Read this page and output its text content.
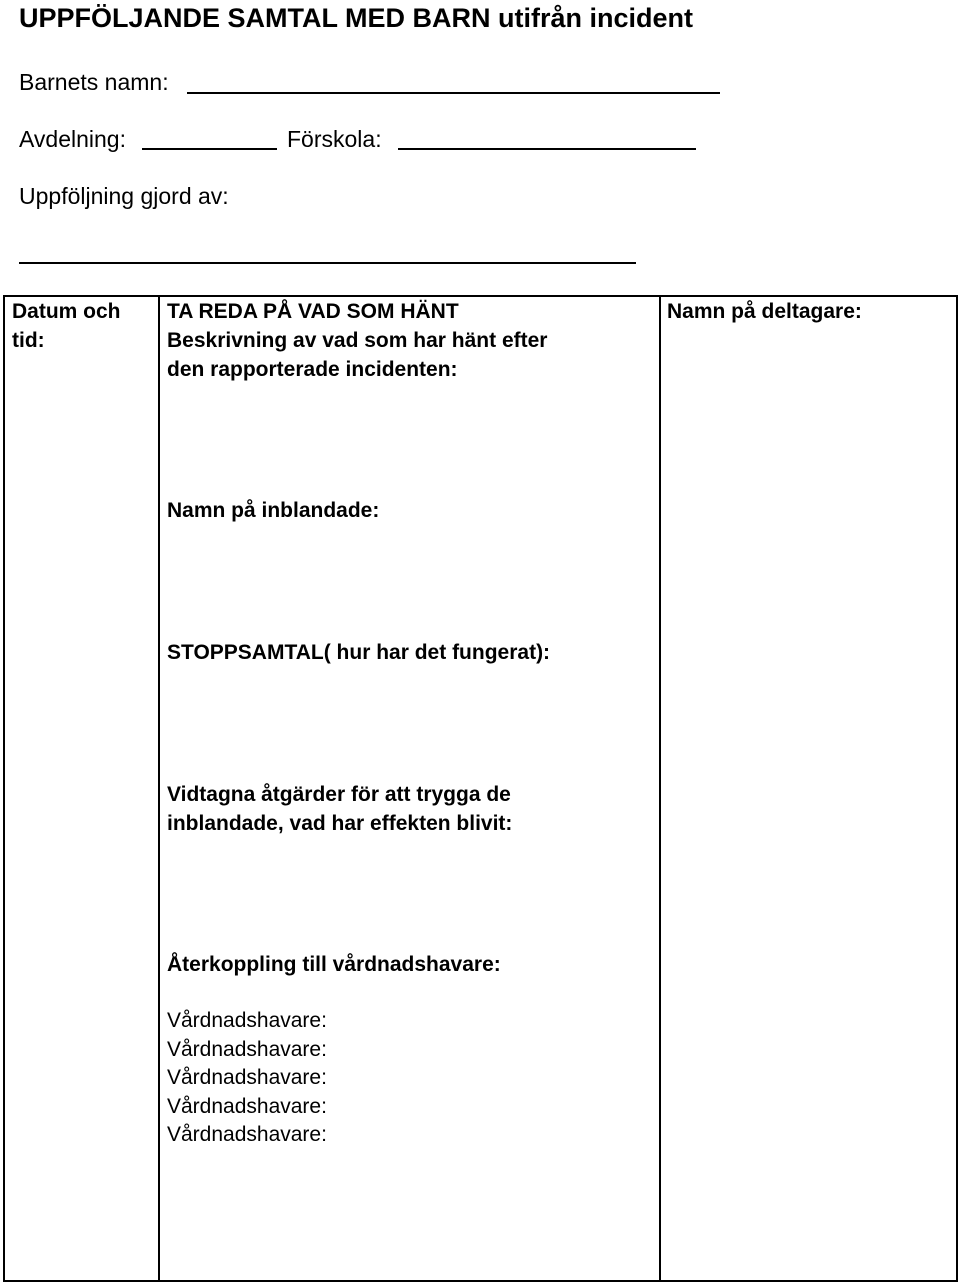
UPPFÖLJANDE SAMTAL MED BARN utifrån incident
Barnets namn:
Avdelning:	Förskola:
Uppföljning gjord av:
Datum och
tid:
TA REDA PÅ VAD SOM HÄNT
Beskrivning av vad som har hänt efter
den rapporterade incidenten:
Namn på inblandade:
STOPPSAMTAL( hur har det fungerat):
Vidtagna åtgärder för att trygga de
inblandade, vad har effekten blivit:
Återkoppling till vårdnadshavare:
Vårdnadshavare:
Vårdnadshavare:
Vårdnadshavare:
Vårdnadshavare:
Vårdnadshavare:
Namn på deltagare:
